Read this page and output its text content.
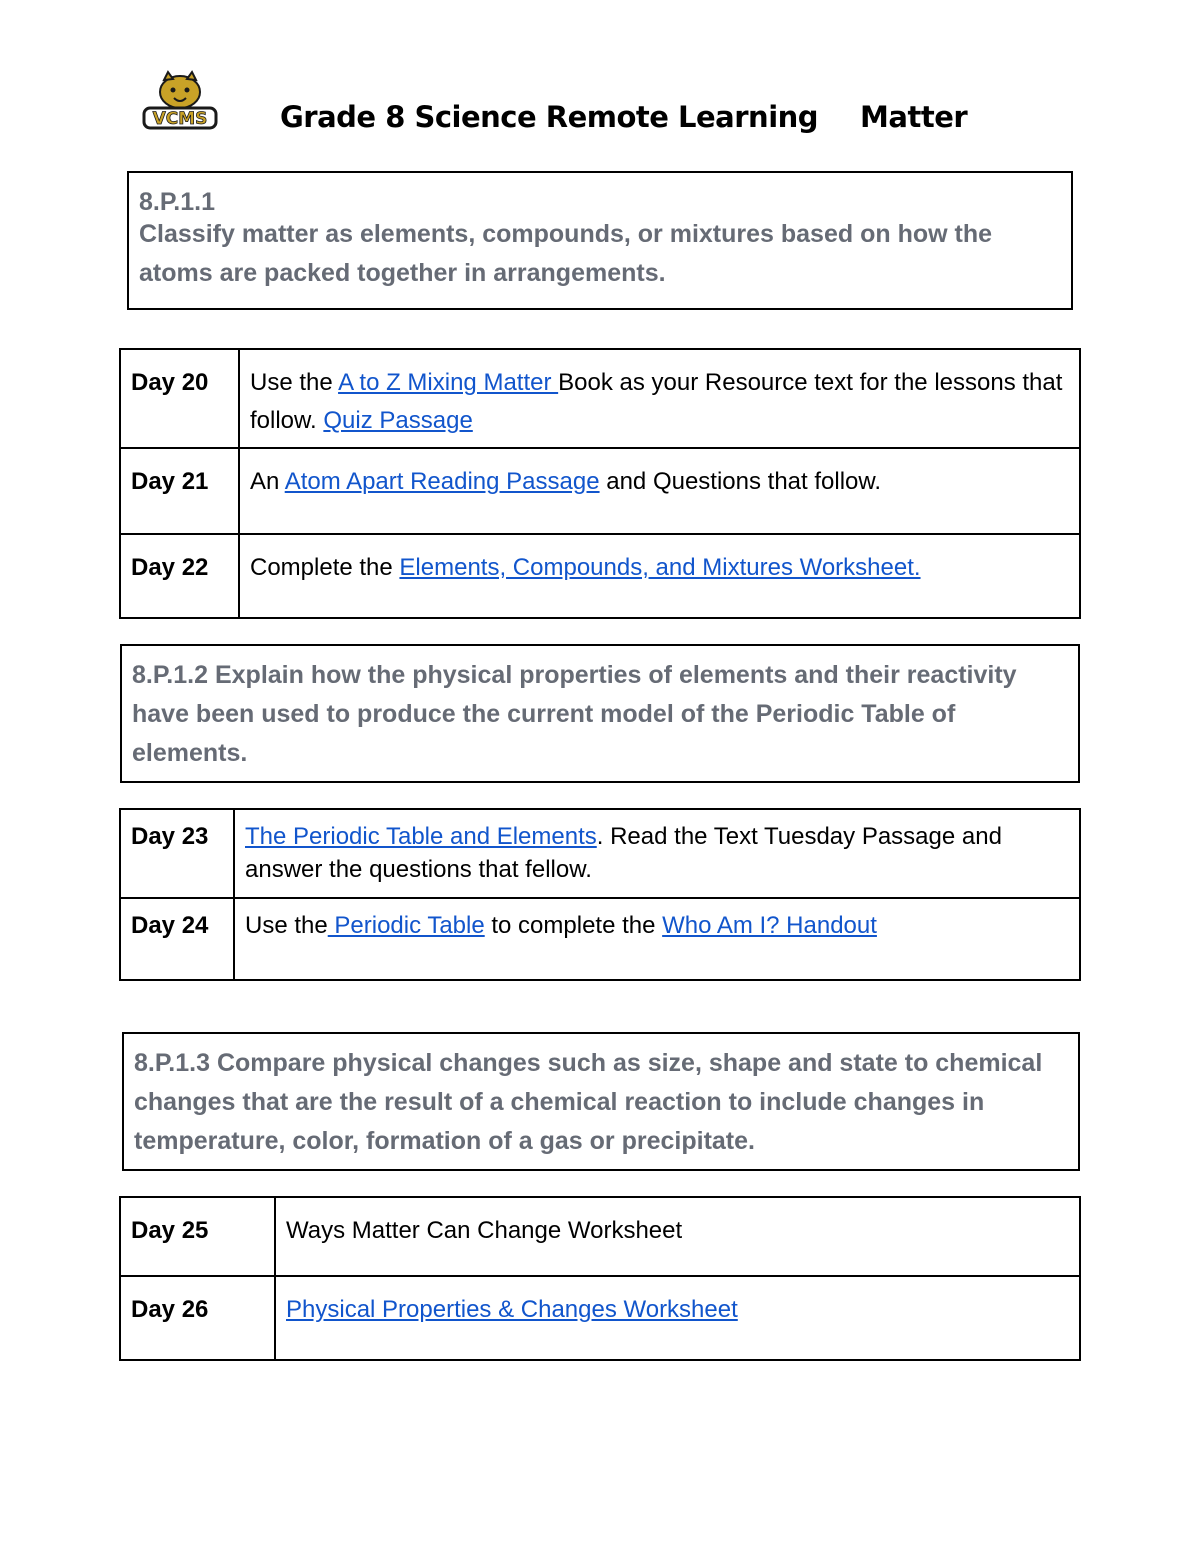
VCMS	Grade 8 Science Remote Learning Matter
8.P.1.1
Classify matter as elements, compounds, or mixtures based on how the atoms are packed together in arrangements.
Day 20	Use the A to Z Mixing Matter Book as your Resource text for the lessons that follow. Quiz Passage
Day 21	An Atom Apart Reading Passage and Questions that follow.
Day 22	Complete the Elements, Compounds, and Mixtures Worksheet.
8.P.1.2 Explain how the physical properties of elements and their reactivity have been used to produce the current model of the Periodic Table of elements.
Day 23	The Periodic Table and Elements. Read the Text Tuesday Passage and answer the questions that fellow.
Day 24	Use the Periodic Table to complete the Who Am I? Handout
8.P.1.3 Compare physical changes such as size, shape and state to chemical changes that are the result of a chemical reaction to include changes in temperature, color, formation of a gas or precipitate.
Day 25	Ways Matter Can Change Worksheet
Day 26	Physical Properties & Changes Worksheet
